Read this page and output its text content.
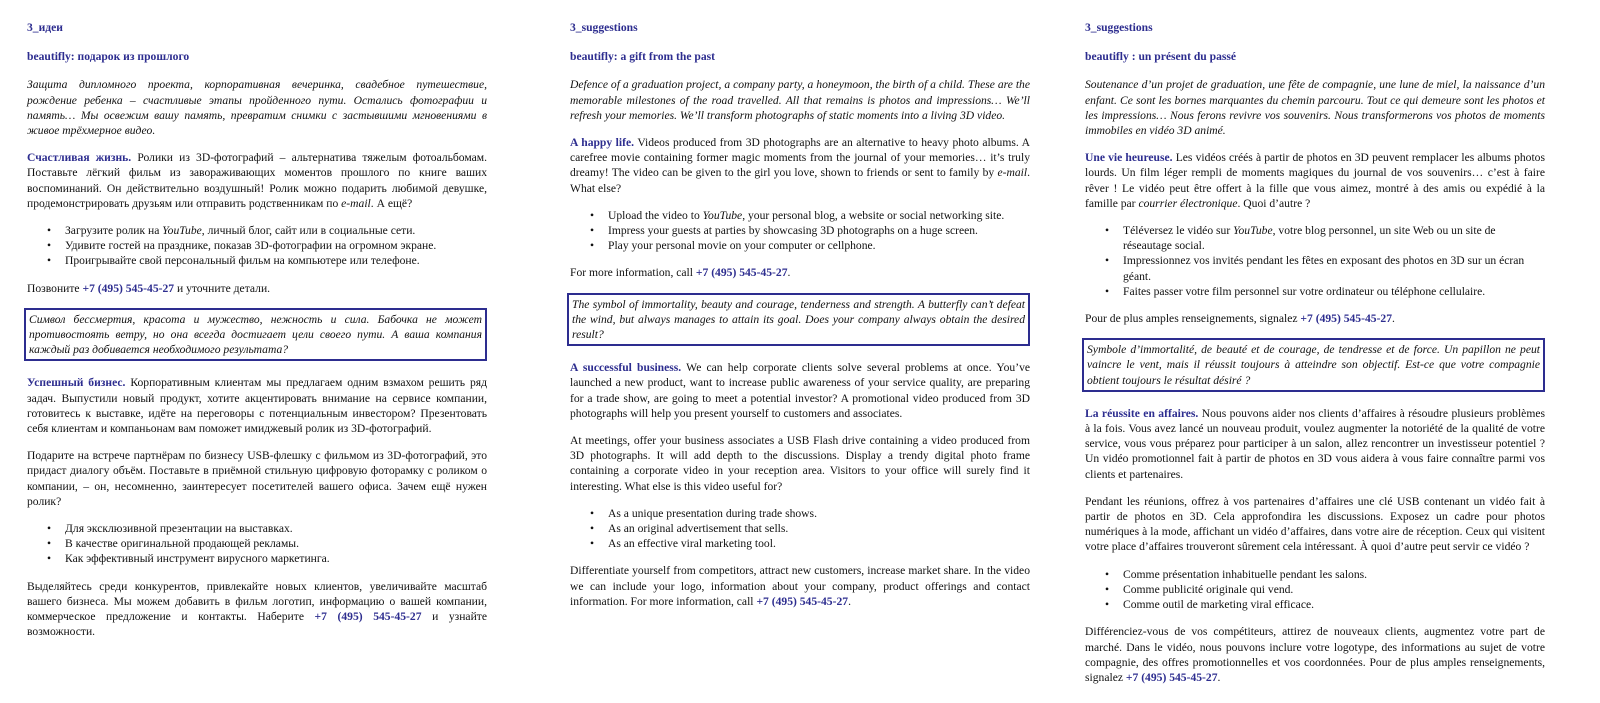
3_идеи
beautifly: подарок из прошлого
Защита дипломного проекта, корпоративная вечеринка, свадебное путешествие, рождение ребенка – счастливые этапы пройденного пути. Остались фотографии и память… Мы освежим вашу память, превратим снимки с застывшими мгновениями в живое трёхмерное видео.
Счастливая жизнь. Ролики из 3D-фотографий – альтернатива тяжелым фотоальбомам. Поставьте лёгкий фильм из завораживающих моментов прошлого по книге ваших воспоминаний. Он действительно воздушный! Ролик можно подарить любимой девушке, продемонстрировать друзьям или отправить родственникам по e-mail. А ещё?
• Загрузите ролик на YouTube, личный блог, сайт или в социальные сети.
• Удивите гостей на празднике, показав 3D-фотографии на огромном экране.
• Проигрывайте свой персональный фильм на компьютере или телефоне.
Позвоните +7 (495) 545-45-27 и уточните детали.
Символ бессмертия, красота и мужество, нежность и сила. Бабочка не может противостоять ветру, но она всегда достигает цели своего пути. А ваша компания каждый раз добивается необходимого результата?
Успешный бизнес. Корпоративным клиентам мы предлагаем одним взмахом решить ряд задач. Выпустили новый продукт, хотите акцентировать внимание на сервисе компании, готовитесь к выставке, идёте на переговоры с потенциальным инвестором? Презентовать себя клиентам и компаньонам вам поможет имиджевый ролик из 3D-фотографий.
Подарите на встрече партнёрам по бизнесу USB-флешку с фильмом из 3D-фотографий, это придаст диалогу объём. Поставьте в приёмной стильную цифровую фоторамку с роликом о компании, – он, несомненно, заинтересует посетителей вашего офиса. Зачем ещё нужен ролик?
• Для эксклюзивной презентации на выставках.
• В качестве оригинальной продающей рекламы.
• Как эффективный инструмент вирусного маркетинга.
Выделяйтесь среди конкурентов, привлекайте новых клиентов, увеличивайте масштаб вашего бизнеса. Мы можем добавить в фильм логотип, информацию о вашей компании, коммерческое предложение и контакты. Наберите +7 (495) 545-45-27 и узнайте возможности.
3_suggestions
beautifly: a gift from the past
Defence of a graduation project, a company party, a honeymoon, the birth of a child. These are the memorable milestones of the road travelled. All that remains is photos and impressions… We’ll refresh your memories. We’ll transform photographs of static moments into a living 3D video.
A happy life. Videos produced from 3D photographs are an alternative to heavy photo albums. A carefree movie containing former magic moments from the journal of your memories… it’s truly dreamy! The video can be given to the girl you love, shown to friends or sent to family by e-mail. What else?
• Upload the video to YouTube, your personal blog, a website or social networking site.
• Impress your guests at parties by showcasing 3D photographs on a huge screen.
• Play your personal movie on your computer or cellphone.
For more information, call +7 (495) 545-45-27.
The symbol of immortality, beauty and courage, tenderness and strength. A butterfly can’t defeat the wind, but always manages to attain its goal. Does your company always obtain the desired result?
A successful business. We can help corporate clients solve several problems at once. You’ve launched a new product, want to increase public awareness of your service quality, are preparing for a trade show, are going to meet a potential investor? A promotional video produced from 3D photographs will help you present yourself to customers and associates.
At meetings, offer your business associates a USB Flash drive containing a video produced from 3D photographs. It will add depth to the discussions. Display a trendy digital photo frame containing a corporate video in your reception area. Visitors to your office will surely find it interesting. What else is this video useful for?
• As a unique presentation during trade shows.
• As an original advertisement that sells.
• As an effective viral marketing tool.
Differentiate yourself from competitors, attract new customers, increase market share. In the video we can include your logo, information about your company, product offerings and contact information. For more information, call +7 (495) 545-45-27.
3_suggestions
beautifly : un présent du passé
Soutenance d’un projet de graduation, une fête de compagnie, une lune de miel, la naissance d’un enfant. Ce sont les bornes marquantes du chemin parcouru. Tout ce qui demeure sont les photos et les impressions… Nous ferons revivre vos souvenirs. Nous transformerons vos photos de moments immobiles en vidéo 3D animé.
Une vie heureuse. Les vidéos créés à partir de photos en 3D peuvent remplacer les albums photos lourds. Un film léger rempli de moments magiques du journal de vos souvenirs… c’est à faire rêver ! Le vidéo peut être offert à la fille que vous aimez, montré à des amis ou expédié à la famille par courrier électronique. Quoi d’autre ?
• Téléversez le vidéo sur YouTube, votre blog personnel, un site Web ou un site de réseautage social.
• Impressionnez vos invités pendant les fêtes en exposant des photos en 3D sur un écran géant.
• Faites passer votre film personnel sur votre ordinateur ou téléphone cellulaire.
Pour de plus amples renseignements, signalez +7 (495) 545-45-27.
Symbole d’immortalité, de beauté et de courage, de tendresse et de force. Un papillon ne peut vaincre le vent, mais il réussit toujours à atteindre son objectif. Est-ce que votre compagnie obtient toujours le résultat désiré ?
La réussite en affaires. Nous pouvons aider nos clients d’affaires à résoudre plusieurs problèmes à la fois. Vous avez lancé un nouveau produit, voulez augmenter la notoriété de la qualité de votre service, vous vous préparez pour participer à un salon, allez rencontrer un investisseur potentiel ? Un vidéo promotionnel fait à partir de photos en 3D vous aidera à vous faire connaître parmi vos clients et partenaires.
Pendant les réunions, offrez à vos partenaires d’affaires une clé USB contenant un vidéo fait à partir de photos en 3D. Cela approfondira les discussions. Exposez un cadre pour photos numériques à la mode, affichant un vidéo d’affaires, dans votre aire de réception. Ceux qui visitent votre place d’affaires trouveront sûrement cela intéressant. À quoi d’autre peut servir ce vidéo ?
• Comme présentation inhabituelle pendant les salons.
• Comme publicité originale qui vend.
• Comme outil de marketing viral efficace.
Différenciez-vous de vos compétiteurs, attirez de nouveaux clients, augmentez votre part de marché. Dans le vidéo, nous pouvons inclure votre logotype, des informations au sujet de votre compagnie, des offres promotionnelles et vos coordonnées. Pour de plus amples renseignements, signalez +7 (495) 545-45-27.
